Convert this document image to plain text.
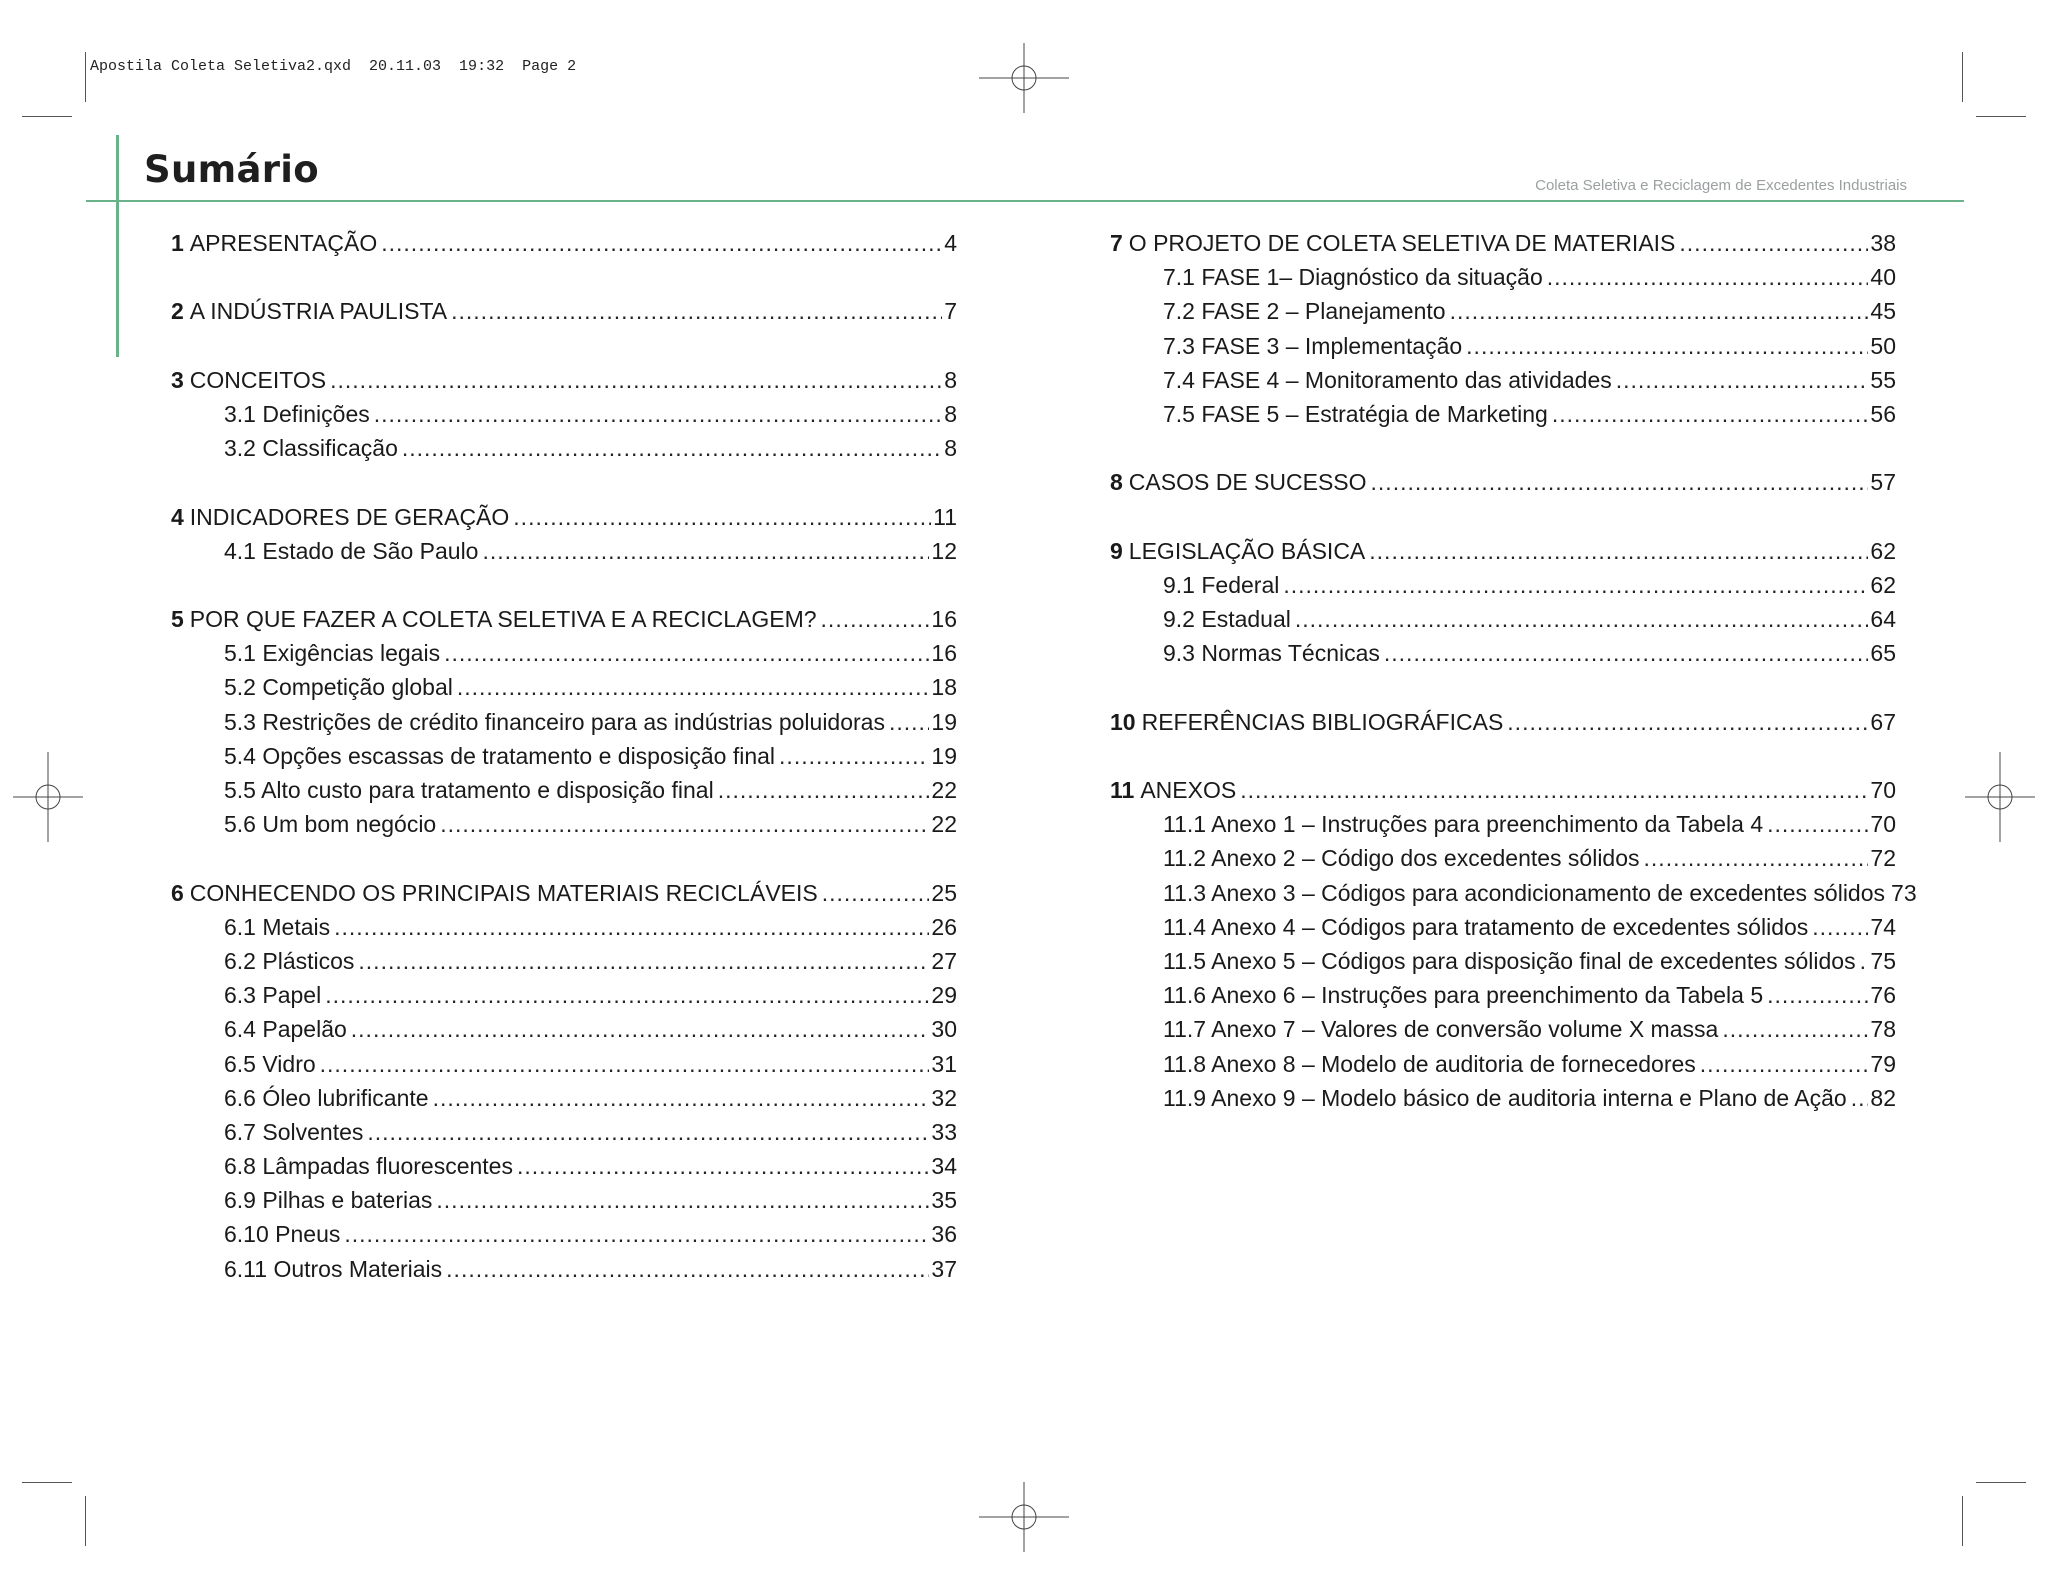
Apostila Coleta Seletiva2.qxd  20.11.03  19:32  Page 2
Sumário	Coleta Seletiva e Reciclagem de Excedentes Industriais
1 APRESENTAÇÃO .....	4
2 A INDÚSTRIA PAULISTA .....	7
3 CONCEITOS .....	8
3.1 Definições .....	8
3.2 Classificação .....	8
4 INDICADORES DE GERAÇÃO .....	11
4.1 Estado de São Paulo .....	12
5 POR QUE FAZER A COLETA SELETIVA E A RECICLAGEM? .....	16
5.1 Exigências legais .....	16
5.2 Competição global .....	18
5.3 Restrições de crédito financeiro para as indústrias poluidoras ..... 19
5.4 Opções escassas de tratamento e disposição final .....	19
5.5 Alto custo para tratamento e disposição final .....	22
5.6 Um bom negócio .....	22
6 CONHECENDO OS PRINCIPAIS MATERIAIS RECICLÁVEIS .....	25
6.1 Metais .....	26
6.2 Plásticos .....	27
6.3 Papel .....	29
6.4 Papelão .....	30
6.5 Vidro .....	31
6.6 Óleo lubrificante .....	32
6.7 Solventes .....	33
6.8 Lâmpadas fluorescentes .....	34
6.9 Pilhas e baterias .....	35
6.10 Pneus .....	36
6.11 Outros Materiais .....	37
7 O PROJETO DE COLETA SELETIVA DE MATERIAIS .....	38
7.1 FASE 1– Diagnóstico da situação .....	40
7.2 FASE 2 – Planejamento .....	45
7.3 FASE 3 – Implementação .....	50
7.4 FASE 4 – Monitoramento das atividades .....	55
7.5 FASE 5 – Estratégia de Marketing .....	56
8 CASOS DE SUCESSO .....	57
9 LEGISLAÇÃO BÁSICA .....	62
9.1 Federal .....	62
9.2 Estadual .....	64
9.3 Normas Técnicas .....	65
10 REFERÊNCIAS BIBLIOGRÁFICAS .....	67
11 ANEXOS .....	70
11.1 Anexo 1 – Instruções para preenchimento da Tabela 4 .....	70
11.2 Anexo 2 – Código dos excedentes sólidos .....	72
11.3 Anexo 3 – Códigos para acondicionamento de excedentes sólidos 73
11.4 Anexo 4 – Códigos para tratamento de excedentes sólidos .....	74
11.5 Anexo 5 – Códigos para disposição final de excedentes sólidos ..... 75
11.6 Anexo 6 – Instruções para preenchimento da Tabela 5 .....	76
11.7 Anexo 7 – Valores de conversão volume X massa .....	78
11.8 Anexo 8 – Modelo de auditoria de fornecedores .....	79
11.9 Anexo 9 – Modelo básico de auditoria interna e Plano de Ação ..... 82
